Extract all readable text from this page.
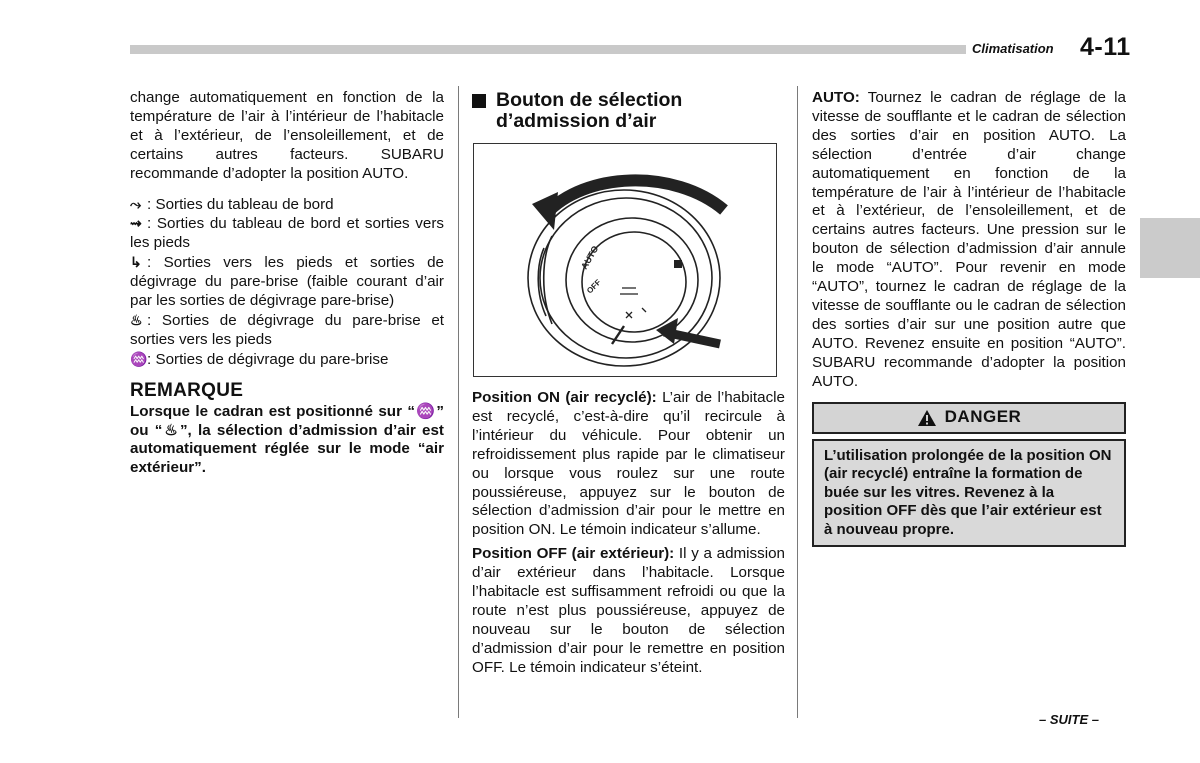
Climatisation 4-11

change automatiquement en fonction de la température de l’air à l’intérieur de l’habitacle et à l’extérieur, de l’ensoleillement, et de certains autres facteurs. SUBARU recommande d’adopter la position AUTO.

⤳ : Sorties du tableau de bord

⇝ : Sorties du tableau de bord et sorties vers les pieds

↳ : Sorties vers les pieds et sorties de dégivrage du pare-brise (faible courant d’air par les sorties de dégivrage pare-brise)

♨ : Sorties de dégivrage du pare-brise et sorties vers les pieds

♒: Sorties de dégivrage du pare-brise

REMARQUE

Lorsque le cadran est positionné sur “♒” ou “♨”, la sélection d’admission d’air est automatiquement réglée sur le mode “air extérieur”.

Bouton de sélection d’admission d’air
AUTO
OFF

Position ON (air recyclé): L’air de l’habitacle est recyclé, c’est-à-dire qu’il recircule à l’intérieur du véhicule. Pour obtenir un refroidissement plus rapide par le climatiseur ou lorsque vous roulez sur une route poussiéreuse, appuyez sur le bouton de sélection d’admission d’air pour le mettre en position ON. Le témoin indicateur s’allume.

Position OFF (air extérieur): Il y a admission d’air extérieur dans l’habitacle. Lorsque l’habitacle est suffisamment refroidi ou que la route n’est plus poussiéreuse, appuyez de nouveau sur le bouton de sélection d’admission d’air pour le remettre en position OFF. Le témoin indicateur s’éteint.

AUTO: Tournez le cadran de réglage de la vitesse de soufflante et le cadran de sélection des sorties d’air en position AUTO. La sélection d’entrée d’air change automatiquement en fonction de la température de l’air à l’intérieur de l’habitacle et à l’extérieur, de l’ensoleillement, et de certains autres facteurs. Une pression sur le bouton de sélection d’admission d’air annule le mode “AUTO”. Pour revenir en mode “AUTO”, tournez le cadran de réglage de la vitesse de soufflante ou le cadran de sélection des sorties d’air sur une position autre que AUTO. Revenez ensuite en position “AUTO”. SUBARU recommande d’adopter la position AUTO.

DANGER
L’utilisation prolongée de la position ON (air recyclé) entraîne la formation de buée sur les vitres. Revenez à la position OFF dès que l’air extérieur est à nouveau propre.
– SUITE –
